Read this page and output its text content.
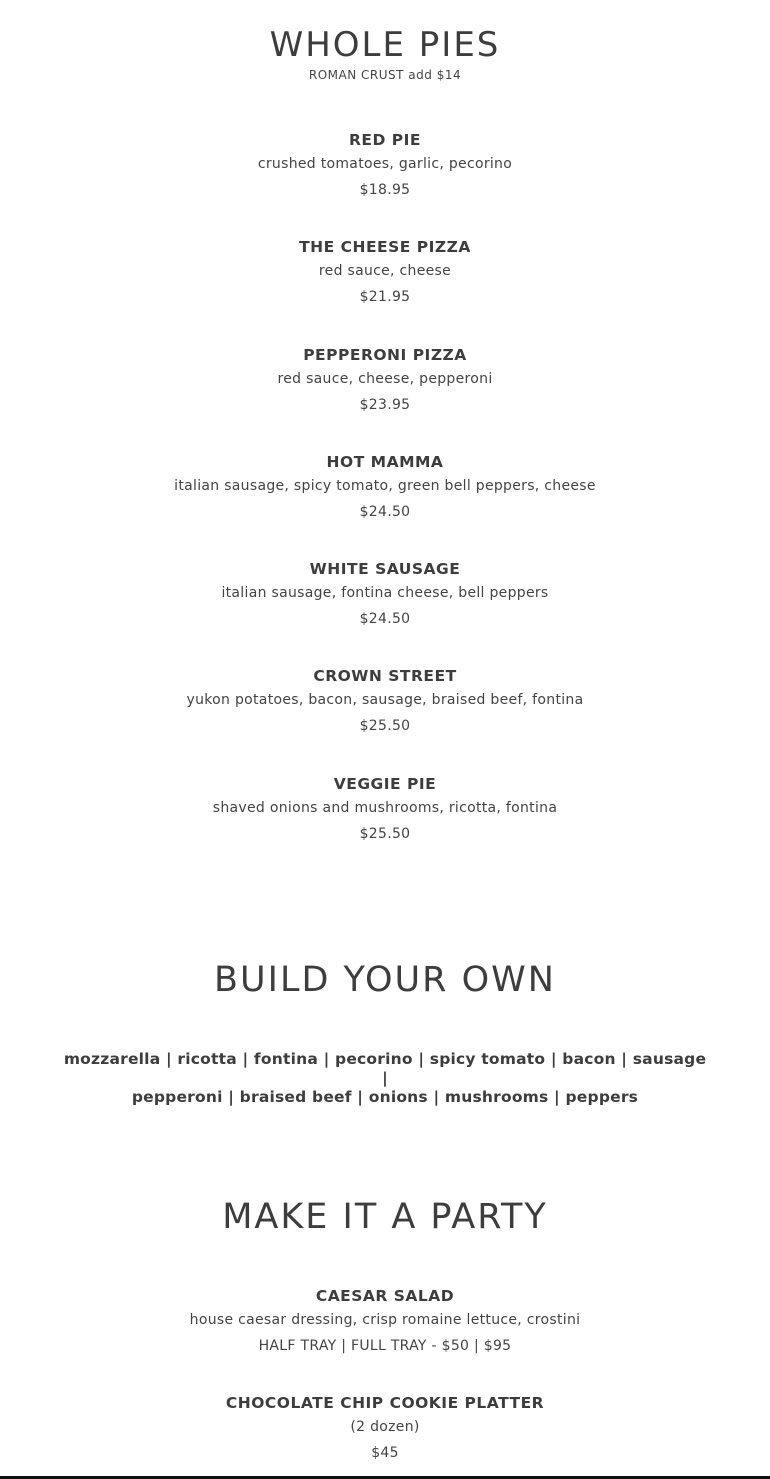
WHOLE PIES
ROMAN CRUST add $14
RED PIE
crushed tomatoes, garlic, pecorino
$18.95
THE CHEESE PIZZA
red sauce, cheese
$21.95
PEPPERONI PIZZA
red sauce, cheese, pepperoni
$23.95
HOT MAMMA
italian sausage, spicy tomato, green bell peppers, cheese
$24.50
WHITE SAUSAGE
italian sausage, fontina cheese, bell peppers
$24.50
CROWN STREET
yukon potatoes, bacon, sausage, braised beef, fontina
$25.50
VEGGIE PIE
shaved onions and mushrooms, ricotta, fontina
$25.50
BUILD YOUR OWN
mozzarella | ricotta | fontina | pecorino | spicy tomato | bacon | sausage |
pepperoni | braised beef | onions | mushrooms | peppers
MAKE IT A PARTY
CAESAR SALAD
house caesar dressing, crisp romaine lettuce, crostini
HALF TRAY | FULL TRAY - $50 | $95
CHOCOLATE CHIP COOKIE PLATTER
(2 dozen)
$45
